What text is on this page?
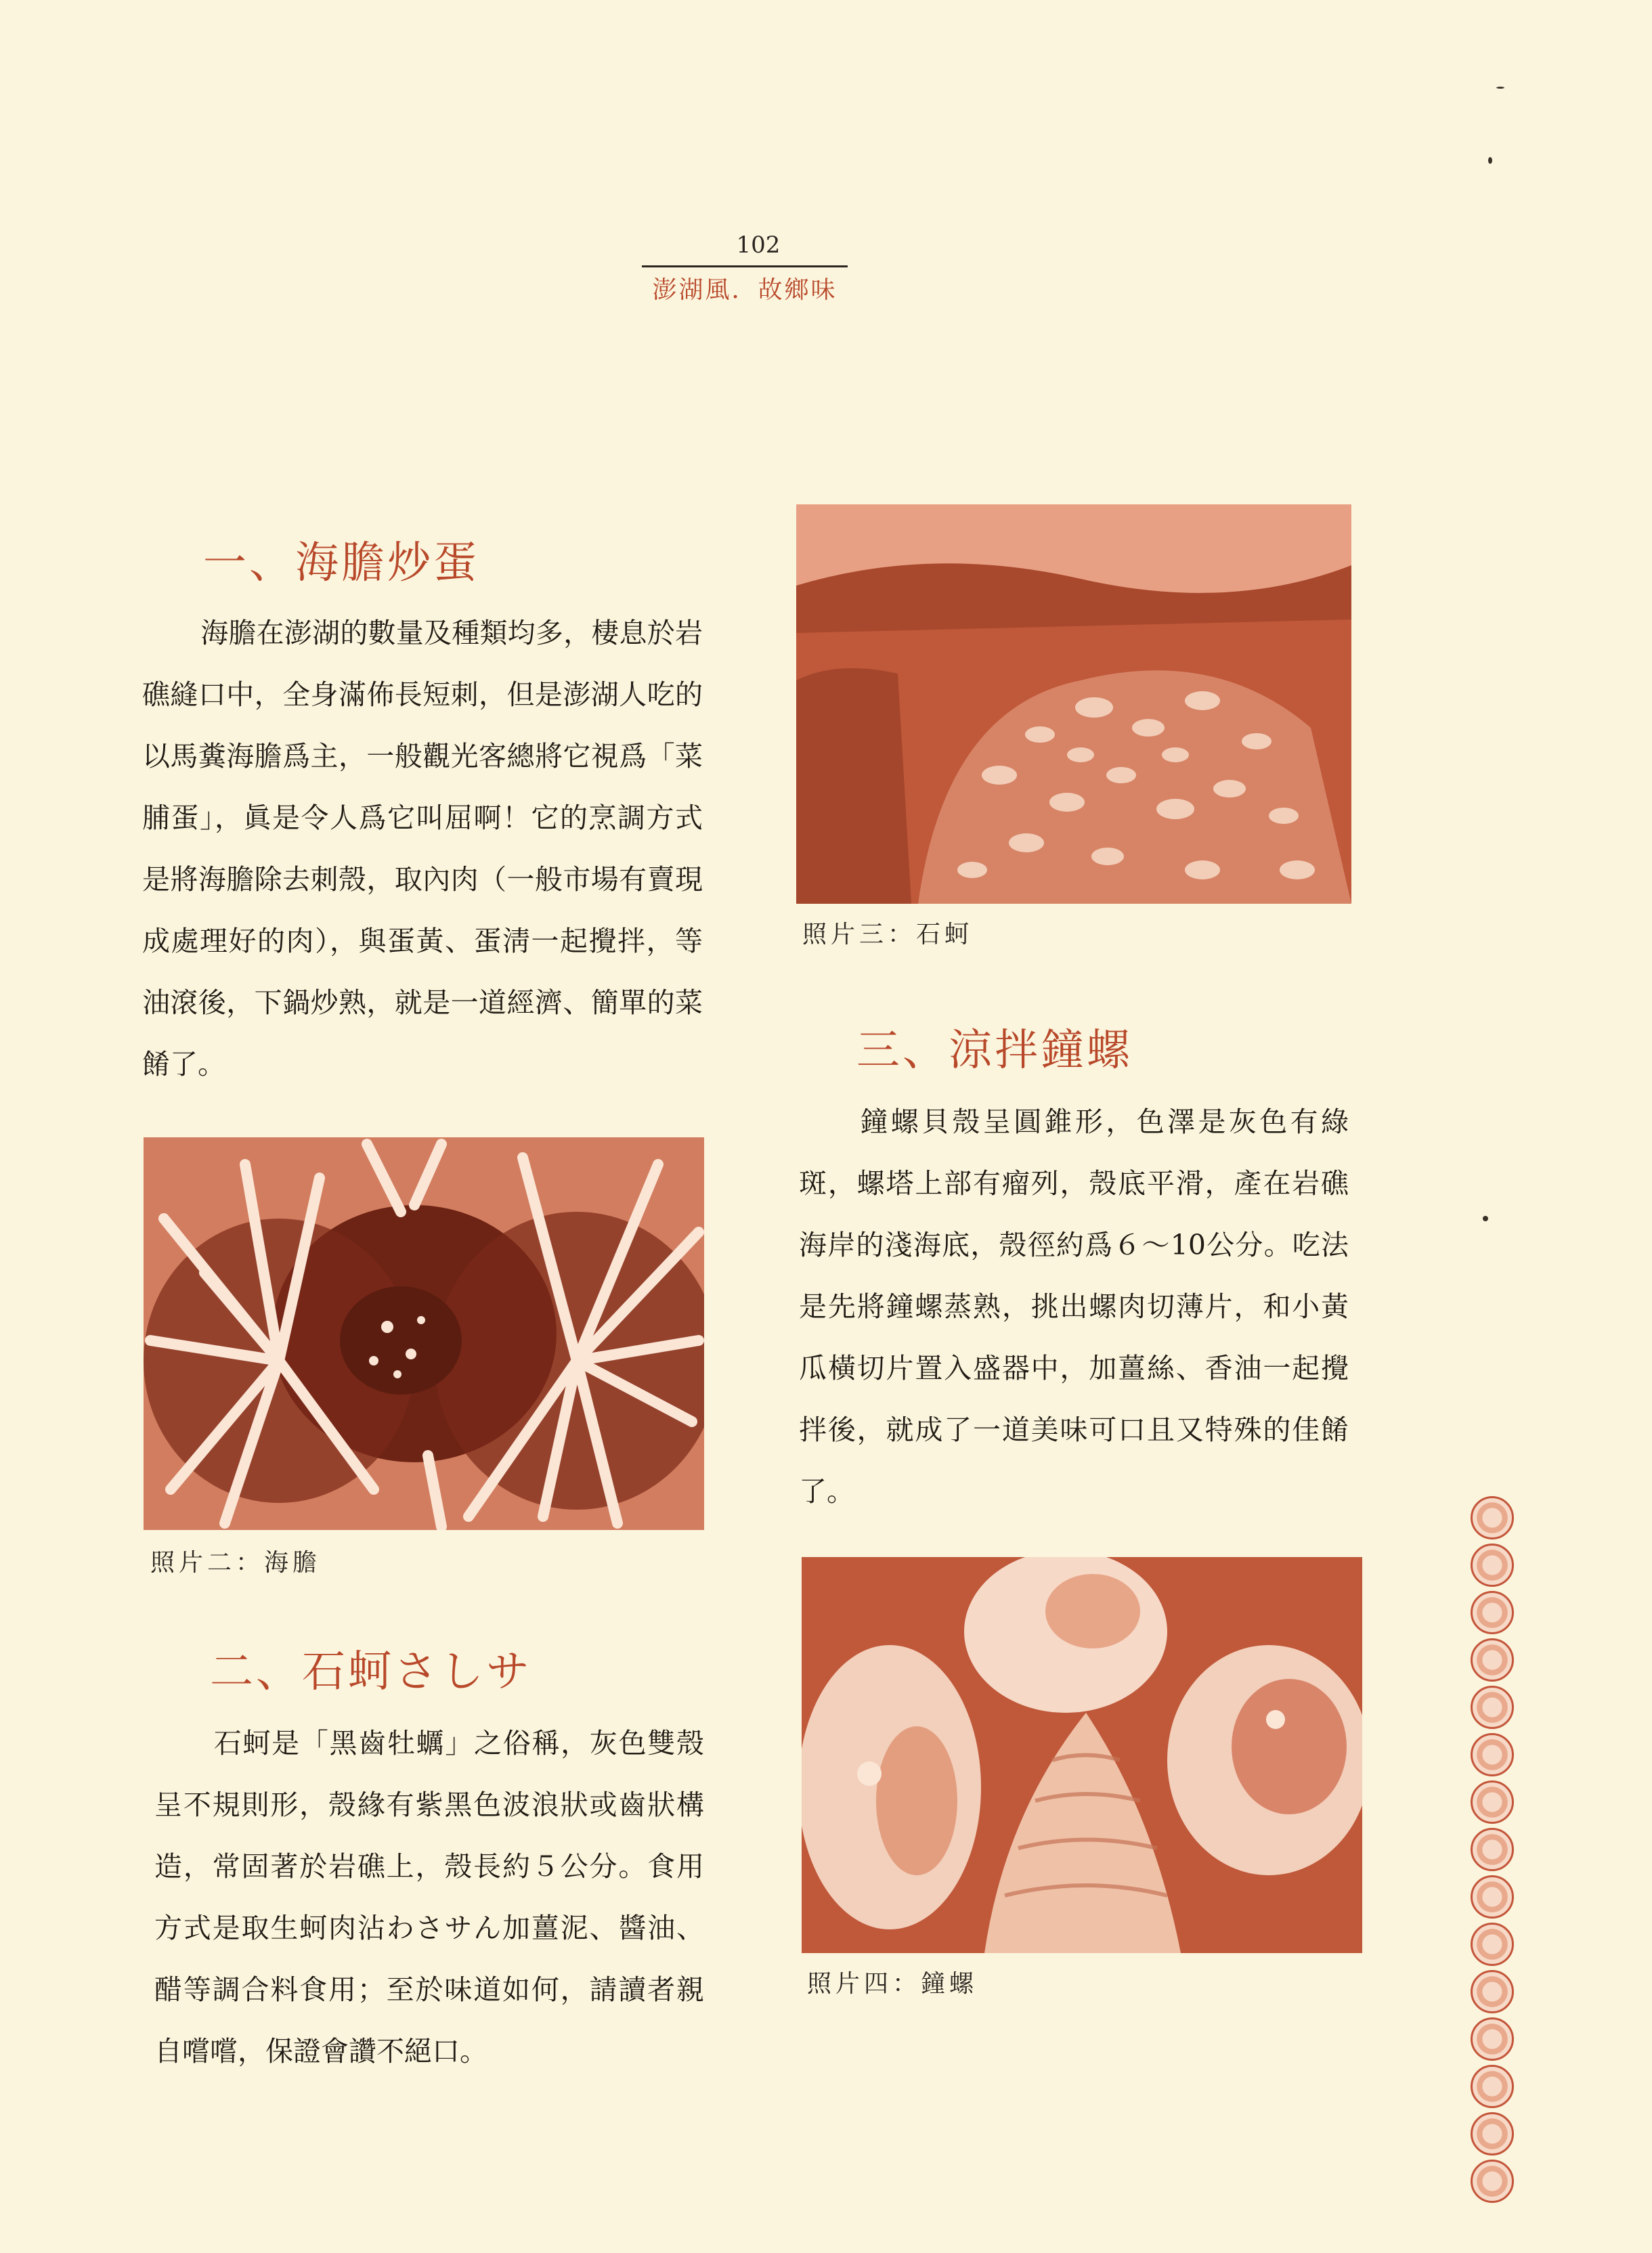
102
澎湖風．故鄉味
一、海膽炒蛋
海膽在澎湖的數量及種類均多，棲息於岩礁縫口中，全身滿佈長短刺，但是澎湖人吃的以馬糞海膽爲主，一般觀光客總將它視爲「菜脯蛋」，眞是令人爲它叫屈啊！它的烹調方式是將海膽除去刺殼，取內肉（一般市場有賣現成處理好的肉），與蛋黃、蛋淸一起攪拌，等油滾後，下鍋炒熟，就是一道經濟、簡單的菜餚了。
照片二：海膽
二、石蚵さしサ
石蚵是「黑齒牡蠣」之俗稱，灰色雙殼呈不規則形，殼緣有紫黑色波浪狀或齒狀構造，常固著於岩礁上，殼長約５公分。食用方式是取生蚵肉沾わさサん加薑泥、醬油、醋等調合料食用；至於味道如何，請讀者親自嚐嚐，保證會讚不絕口。
照片三：石蚵
三、涼拌鐘螺
鐘螺貝殼呈圓錐形，色澤是灰色有綠斑，螺塔上部有瘤列，殼底平滑，產在岩礁海岸的淺海底，殼徑約爲６～10公分。吃法是先將鐘螺蒸熟，挑出螺肉切薄片，和小黃瓜橫切片置入盛器中，加薑絲、香油一起攪拌後，就成了一道美味可口且又特殊的佳餚了。
照片四：鐘螺
